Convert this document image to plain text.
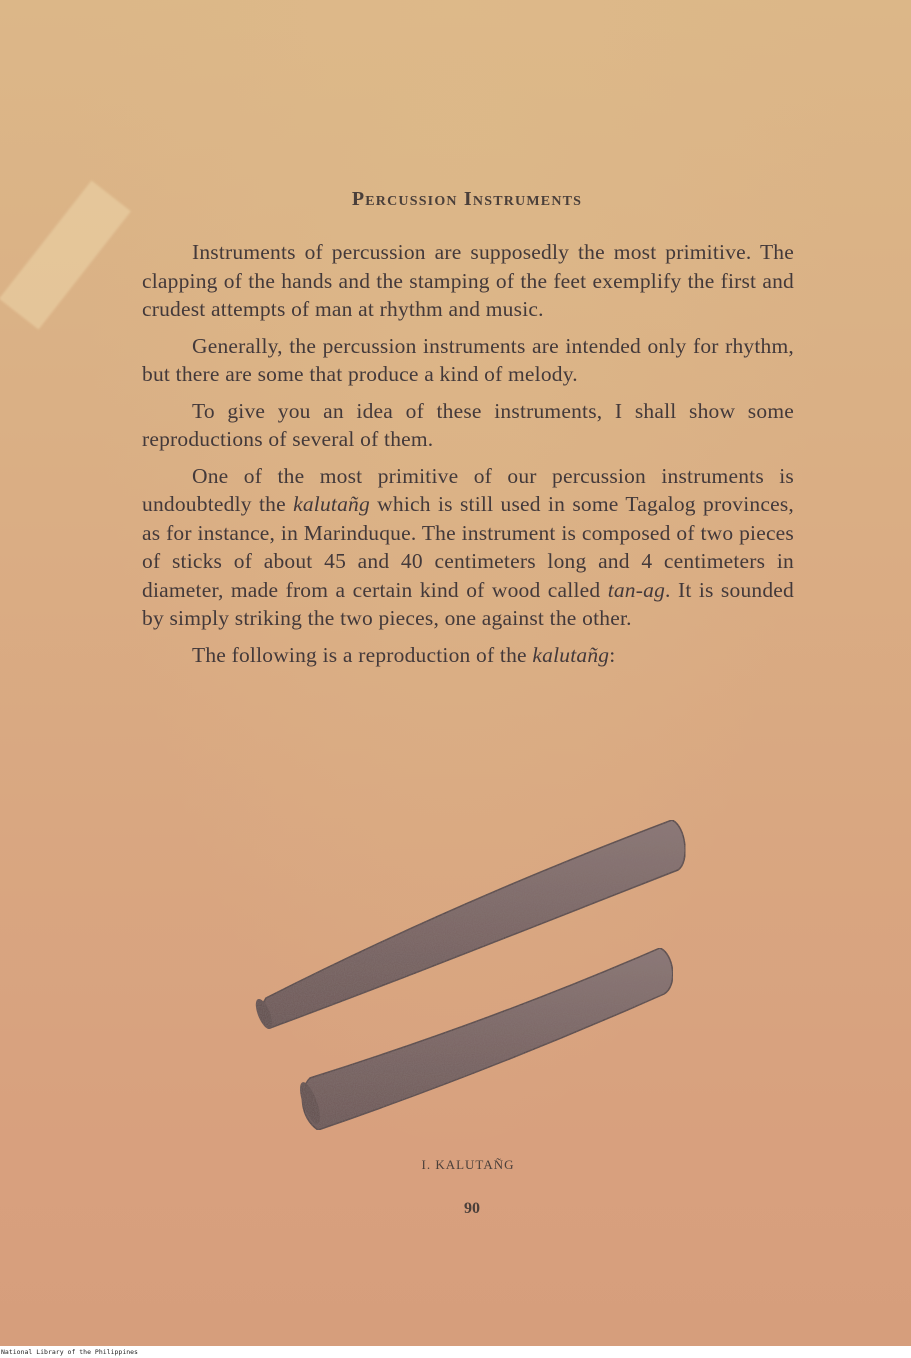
Percussion Instruments

Instruments of percussion are supposedly the most primitive. The clapping of the hands and the stamping of the feet exemplify the first and crudest attempts of man at rhythm and music.

Generally, the percussion instruments are intended only for rhythm, but there are some that produce a kind of melody.

To give you an idea of these instruments, I shall show some reproductions of several of them.

One of the most primitive of our percussion instruments is undoubtedly the kalutañg which is still used in some Tagalog provinces, as for instance, in Marinduque. The instrument is composed of two pieces of sticks of about 45 and 40 centimeters long and 4 centimeters in diameter, made from a certain kind of wood called tan-ag. It is sounded by simply striking the two pieces, one against the other.

The following is a reproduction of the kalutañg:

I. KALUTAÑG
90
National Library of the Philippines
